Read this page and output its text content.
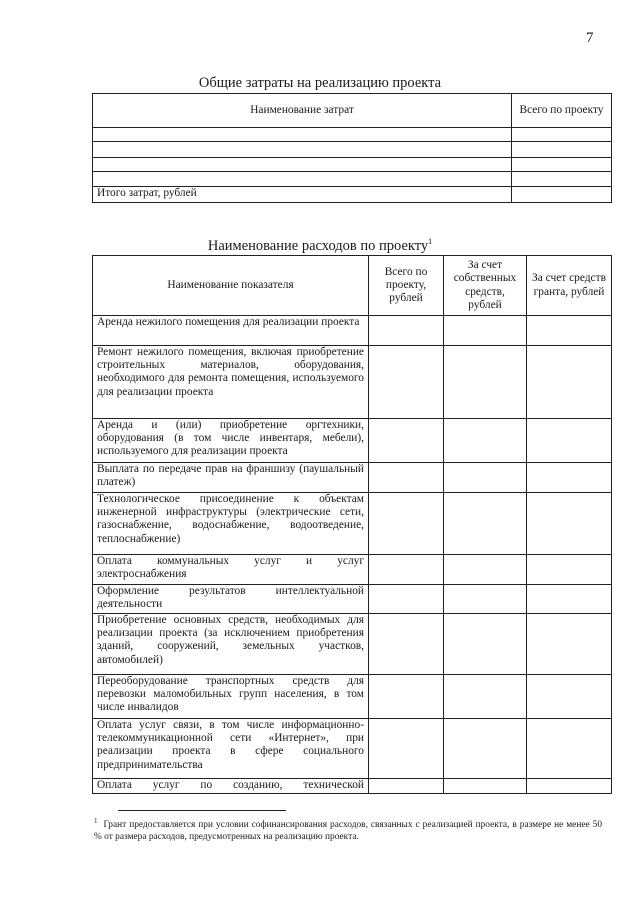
7
Общие затраты на реализацию проекта
Наименование затрат	Всего по проекту

Итого затрат, рублей	
Наименование расходов по проекту$^1$
Наименование показателя	Всего по проекту, рублей	За счет собственных средств, рублей	За счет средств гранта, рублей
Аренда нежилого помещения для реализации проекта			
Ремонт нежилого помещения, включая приобретение строительных материалов, оборудования, необходимого для ремонта помещения, используемого для реализации проекта			
Аренда и (или) приобретение оргтехники, оборудования (в том числе инвентаря, мебели), используемого для реализации проекта			
Выплата по передаче прав на франшизу (паушальный платеж)			
Технологическое присоединение к объектам инженерной инфраструктуры (электрические сети, газоснабжение, водоснабжение, водоотведение, теплоснабжение)			
Оплата коммунальных услуг и услуг электроснабжения			
Оформление результатов интеллектуальной деятельности			
Приобретение основных средств, необходимых для реализации проекта (за исключением приобретения зданий, сооружений, земельных участков, автомобилей)			
Переоборудование транспортных средств для перевозки маломобильных групп населения, в том числе инвалидов			
Оплата услуг связи, в том числе информационно-телекоммуникационной сети «Интернет», при реализации проекта в сфере социального предпринимательства			
Оплата услуг по созданию, технической			
$^1$ Грант предоставляется при условии софинансирования расходов, связанных с реализацией проекта, в размере не менее 50 % от размера расходов, предусмотренных на реализацию проекта.
